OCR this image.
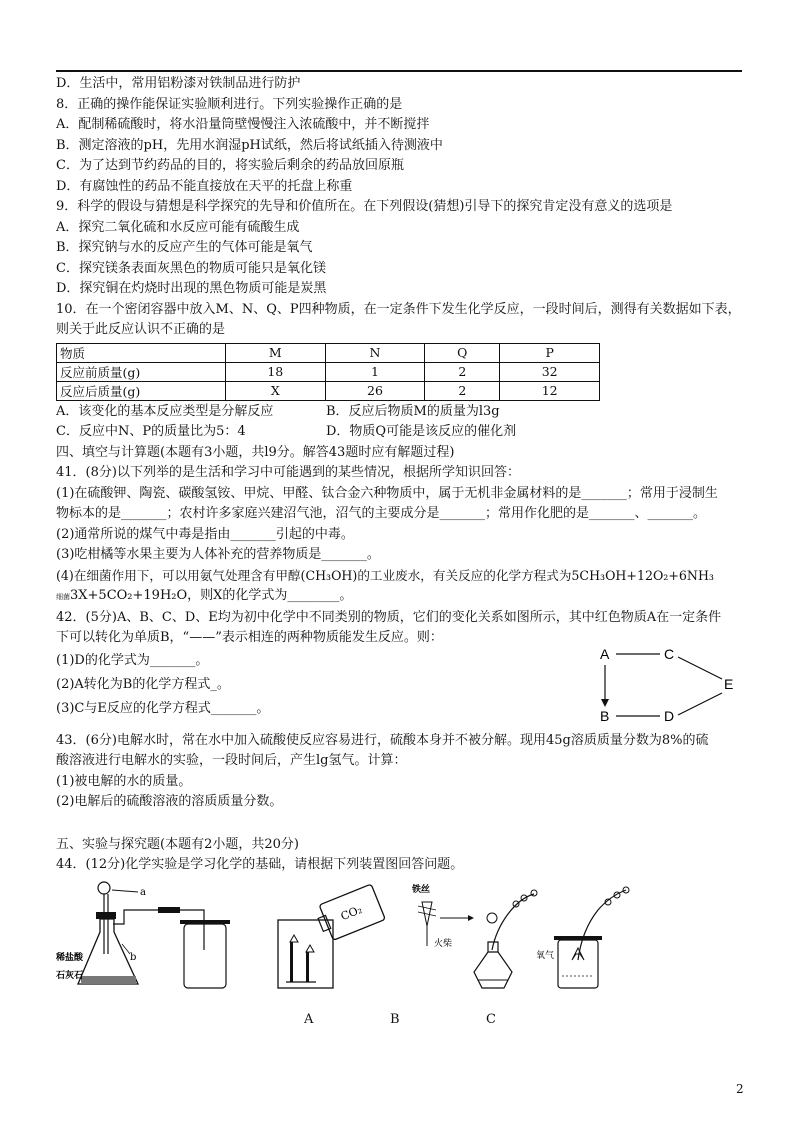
D．生活中，常用铝粉漆对铁制品进行防护
8．正确的操作能保证实验顺利进行。下列实验操作正确的是
A．配制稀硫酸时，将水沿量筒壁慢慢注入浓硫酸中，并不断搅拌
B．测定溶液的pH，先用水润湿pH试纸，然后将试纸插入待测液中
C．为了达到节约药品的目的，将实验后剩余的药品放回原瓶
D．有腐蚀性的药品不能直接放在天平的托盘上称重
9．科学的假设与猜想是科学探究的先导和价值所在。在下列假设(猜想)引导下的探究肯定没有意义的选项是
A．探究二氧化硫和水反应可能有硫酸生成
B．探究钠与水的反应产生的气体可能是氧气
C．探究镁条表面灰黑色的物质可能只是氧化镁
D．探究铜在灼烧时出现的黑色物质可能是炭黑
10．在一个密闭容器中放入M、N、Q、P四种物质，在一定条件下发生化学反应，一段时间后，测得有关数据如下表，
则关于此反应认识不正确的是
物质	M	N	Q	P
反应前质量(g)	18	1	2	32
反应后质量(g)	X	26	2	12
A．该变化的基本反应类型是分解反应	B．反应后物质M的质量为l3g
C．反应中N、P的质量比为5：4	D．物质Q可能是该反应的催化剂
四、填空与计算题(本题有3小题，共l9分。解答43题时应有解题过程)
41．(8分)以下列举的是生活和学习中可能遇到的某些情况，根据所学知识回答：
(1)在硫酸钾、陶瓷、碳酸氢铵、甲烷、甲醛、钛合金六种物质中，属于无机非金属材料的是_______；常用于浸制生
物标本的是_______；农村许多家庭兴建沼气池，沼气的主要成分是_______；常用作化肥的是_______、_______。
(2)通常所说的煤气中毒是指由_______引起的中毒。
(3)吃柑橘等水果主要为人体补充的营养物质是_______。
(4)在细菌作用下，可以用氨气处理含有甲醇(CH₃OH)的工业废水，有关反应的化学方程式为5CH₃OH+12O₂+6NH₃
细菌3X+5CO₂+19H₂O，则X的化学式为________。
42．(5分)A、B、C、D、E均为初中化学中不同类别的物质，它们的变化关系如图所示，其中红色物质A在一定条件
下可以转化为单质B，“——”表示相连的两种物质能发生反应。则：
(1)D的化学式为_______。
(2)A转化为B的化学方程式_。
(3)C与E反应的化学方程式_______。
A	C
E
B	D
43．(6分)电解水时，常在水中加入硫酸使反应容易进行，硫酸本身并不被分解。现用45g溶质质量分数为8%的硫
酸溶液进行电解水的实验，一段时间后，产生lg氢气。计算：
(1)被电解的水的质量。
(2)电解后的硫酸溶液的溶质质量分数。
五、实验与探究题(本题有2小题，共20分)
44．(12分)化学实验是学习化学的基础，请根据下列装置图回答问题。
a
b
稀盐酸
石灰石
CO₂
铁丝
火柴
氧气
A	B	C
2
